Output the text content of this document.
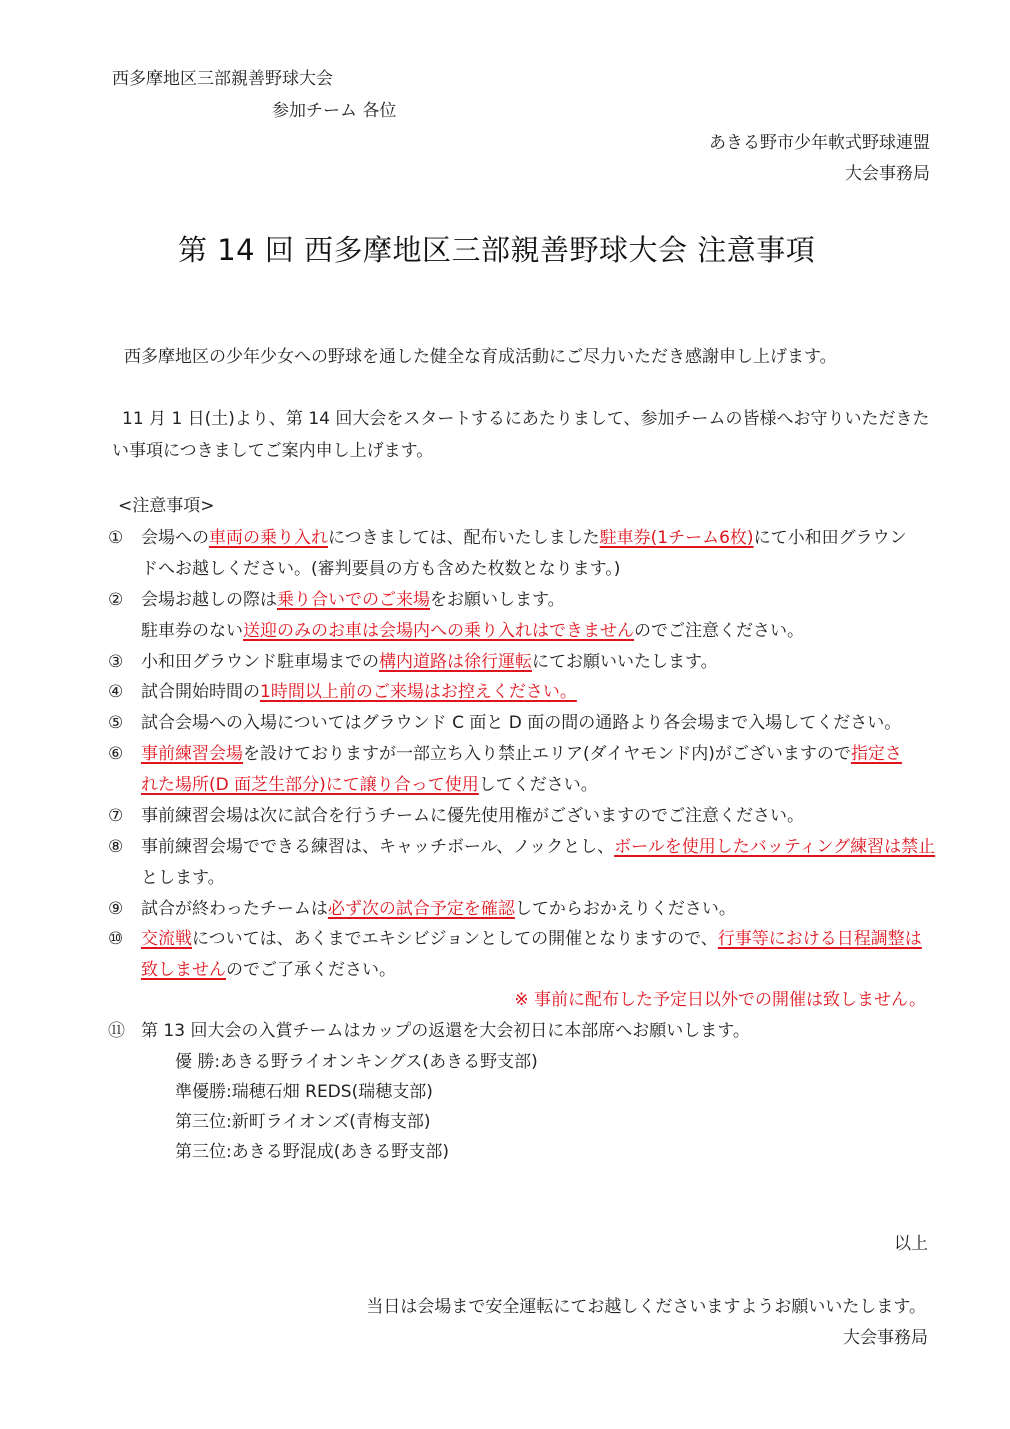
西多摩地区三部親善野球大会
参加チーム 各位
あきる野市少年軟式野球連盟
大会事務局
第 14 回 西多摩地区三部親善野球大会 注意事項
西多摩地区の少年少女への野球を通した健全な育成活動にご尽力いただき感謝申し上げます。
11 月 1 日(土)より、第 14 回大会をスタートするにあたりまして、参加チームの皆様へお守りいただきた
い事項につきましてご案内申し上げます。
<注意事項>
① 会場への車両の乗り入れにつきましては、配布いたしました駐車券(1チーム6枚)にて小和田グラウン
ドへお越しください。(審判要員の方も含めた枚数となります。)
② 会場お越しの際は乗り合いでのご来場をお願いします。
駐車券のない送迎のみのお車は会場内への乗り入れはできませんのでご注意ください。
③ 小和田グラウンド駐車場までの構内道路は徐行運転にてお願いいたします。
④ 試合開始時間の1時間以上前のご来場はお控えください。
⑤ 試合会場への入場についてはグラウンド C 面と D 面の間の通路より各会場まで入場してください。
⑥ 事前練習会場を設けておりますが一部立ち入り禁止エリア(ダイヤモンド内)がございますので指定さ
れた場所(D 面芝生部分)にて譲り合って使用してください。
⑦ 事前練習会場は次に試合を行うチームに優先使用権がございますのでご注意ください。
⑧ 事前練習会場でできる練習は、キャッチボール、ノックとし、ボールを使用したバッティング練習は禁止
とします。
⑨ 試合が終わったチームは必ず次の試合予定を確認してからおかえりください。
⑩ 交流戦については、あくまでエキシビジョンとしての開催となりますので、行事等における日程調整は
致しませんのでご了承ください。
※ 事前に配布した予定日以外での開催は致しません。
⑪ 第 13 回大会の入賞チームはカップの返還を大会初日に本部席へお願いします。
優 勝:あきる野ライオンキングス(あきる野支部)
準優勝:瑞穂石畑 REDS(瑞穂支部)
第三位:新町ライオンズ(青梅支部)
第三位:あきる野混成(あきる野支部)
以上
当日は会場まで安全運転にてお越しくださいますようお願いいたします。
大会事務局
